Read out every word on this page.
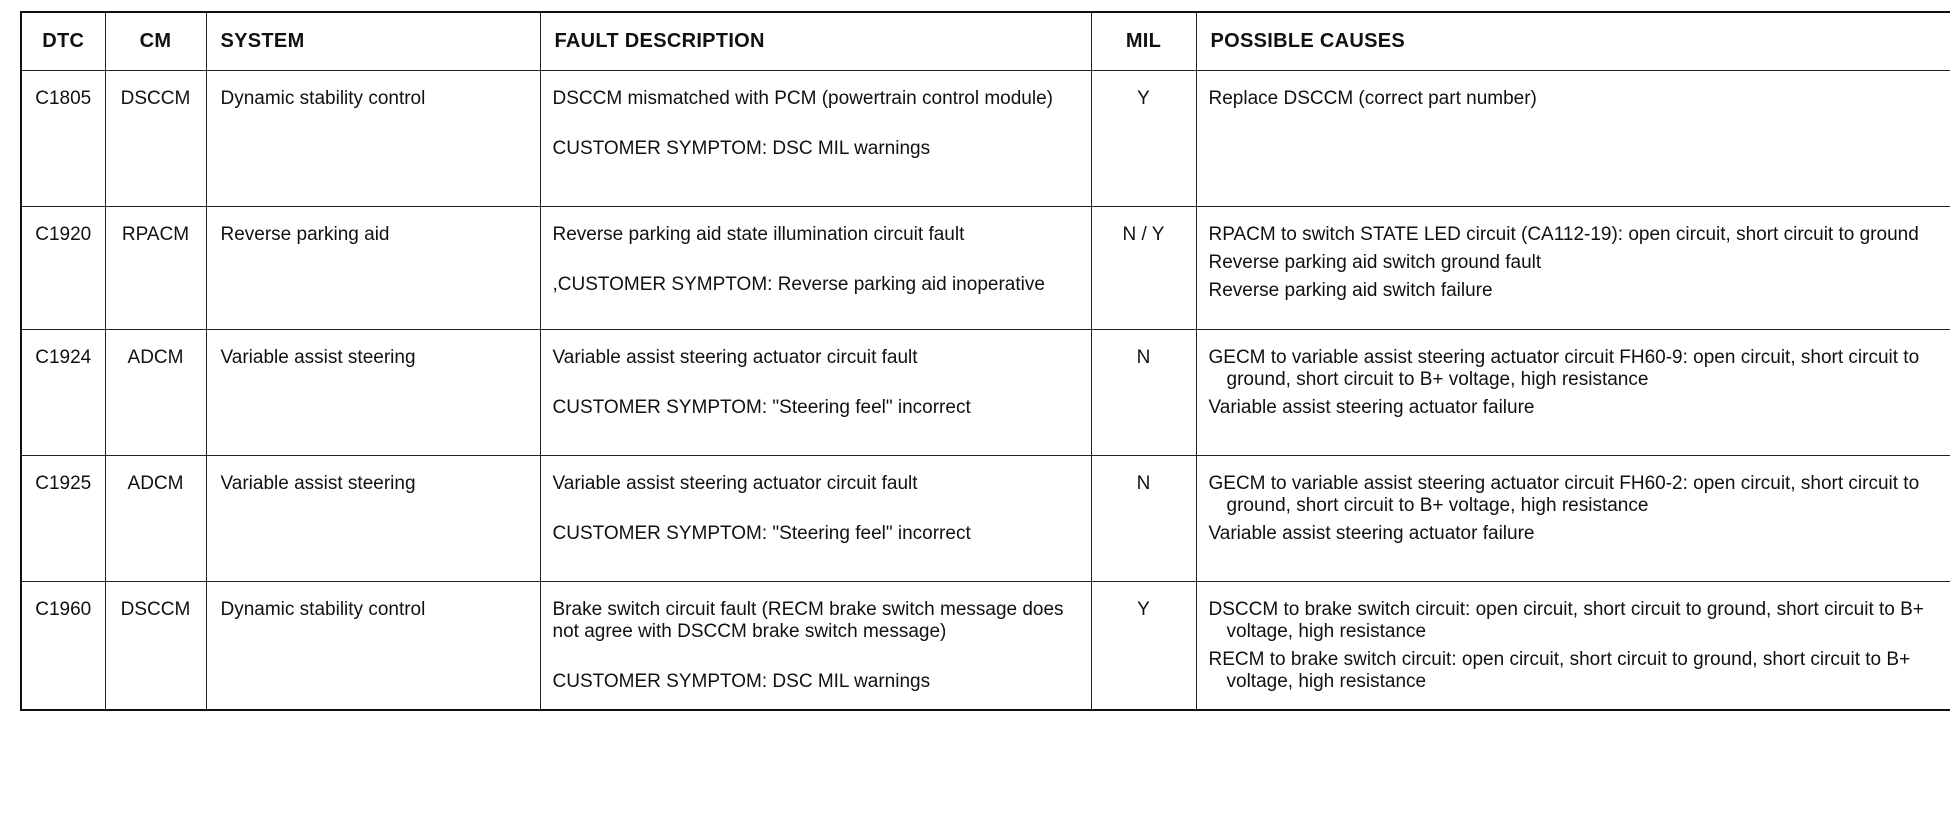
DTC	CM	SYSTEM	FAULT DESCRIPTION	MIL	POSSIBLE CAUSES
C1805	DSCCM	Dynamic stability control	DSCCM mismatched with PCM (powertrain control module)
CUSTOMER SYMPTOM: DSC MIL warnings	Y	Replace DSCCM (correct part number)

C1920	RPACM	Reverse parking aid	Reverse parking aid state illumination circuit fault
,CUSTOMER SYMPTOM: Reverse parking aid inoperative	N / Y	RPACM to switch STATE LED circuit (CA112-19): open circuit, short circuit to ground
Reverse parking aid switch ground fault
Reverse parking aid switch failure

C1924	ADCM	Variable assist steering	Variable assist steering actuator circuit fault
CUSTOMER SYMPTOM: "Steering feel" incorrect	N	GECM to variable assist steering actuator circuit FH60-9: open circuit, short circuit to ground, short circuit to B+ voltage, high resistance
Variable assist steering actuator failure

C1925	ADCM	Variable assist steering	Variable assist steering actuator circuit fault
CUSTOMER SYMPTOM: "Steering feel" incorrect	N	GECM to variable assist steering actuator circuit FH60-2: open circuit, short circuit to ground, short circuit to B+ voltage, high resistance
Variable assist steering actuator failure

C1960	DSCCM	Dynamic stability control	Brake switch circuit fault (RECM brake switch message does not agree with DSCCM brake switch message)
CUSTOMER SYMPTOM: DSC MIL warnings	Y	DSCCM to brake switch circuit: open circuit, short circuit to ground, short circuit to B+ voltage, high resistance
RECM to brake switch circuit: open circuit, short circuit to ground, short circuit to B+ voltage, high resistance
